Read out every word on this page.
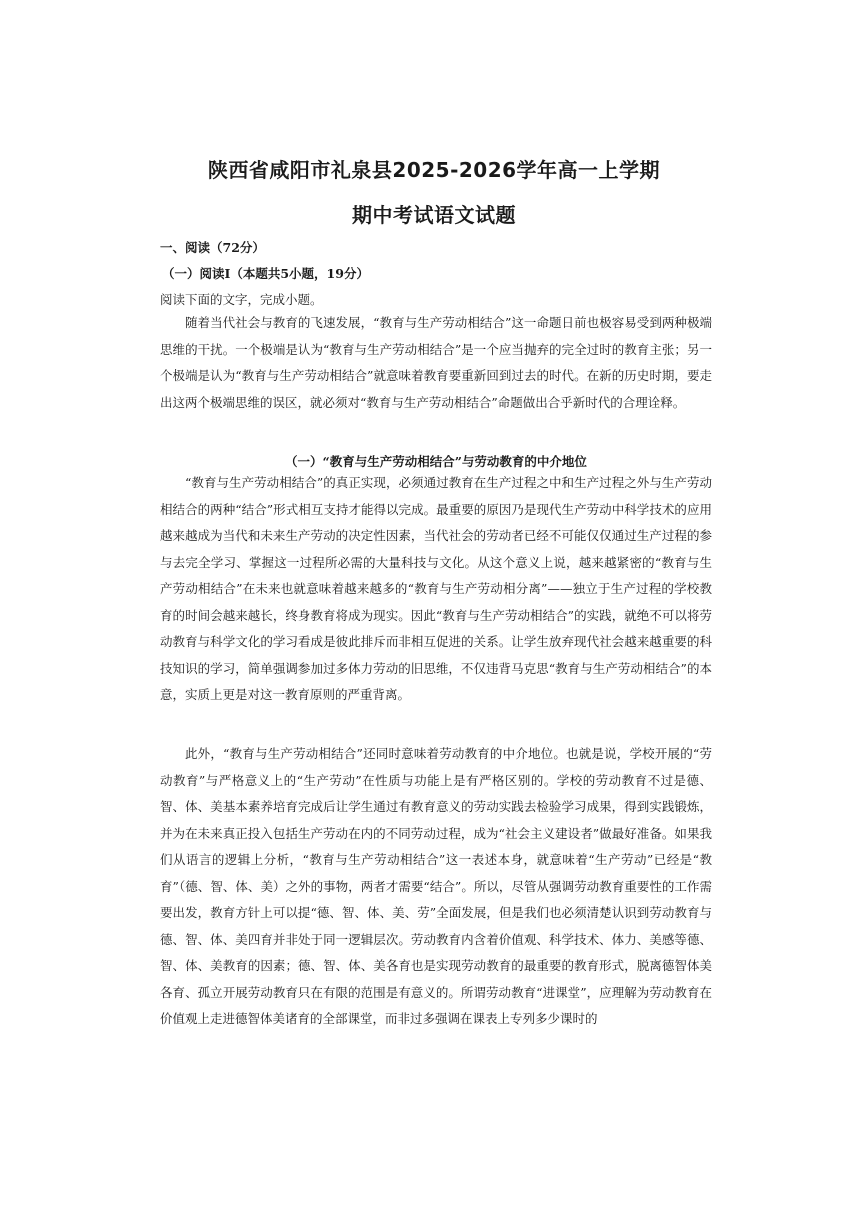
陕西省咸阳市礼泉县2025-2026学年高一上学期
期中考试语文试题
一、阅读（72分）
（一）阅读Ⅰ（本题共5小题，19分）
阅读下面的文字，完成小题。

随着当代社会与教育的飞速发展，“教育与生产劳动相结合”这一命题日前也极容易受到两种极端思维的干扰。一个极端是认为“教育与生产劳动相结合”是一个应当抛弃的完全过时的教育主张；另一个极端是认为“教育与生产劳动相结合”就意味着教育要重新回到过去的时代。在新的历史时期，要走出这两个极端思维的误区，就必须对“教育与生产劳动相结合”命题做出合乎新时代的合理诠释。

（一）“教育与生产劳动相结合”与劳动教育的中介地位

“教育与生产劳动相结合”的真正实现，必须通过教育在生产过程之中和生产过程之外与生产劳动相结合的两种“结合”形式相互支持才能得以完成。最重要的原因乃是现代生产劳动中科学技术的应用越来越成为当代和未来生产劳动的决定性因素，当代社会的劳动者已经不可能仅仅通过生产过程的参与去完全学习、掌握这一过程所必需的大量科技与文化。从这个意义上说，越来越紧密的“教育与生产劳动相结合”在未来也就意味着越来越多的“教育与生产劳动相分离”——独立于生产过程的学校教育的时间会越来越长，终身教育将成为现实。因此“教育与生产劳动相结合”的实践，就绝不可以将劳动教育与科学文化的学习看成是彼此排斥而非相互促进的关系。让学生放弃现代社会越来越重要的科技知识的学习，简单强调参加过多体力劳动的旧思维，不仅违背马克思“教育与生产劳动相结合”的本意，实质上更是对这一教育原则的严重背离。

此外，“教育与生产劳动相结合”还同时意味着劳动教育的中介地位。也就是说，学校开展的“劳动教育”与严格意义上的“生产劳动”在性质与功能上是有严格区别的。学校的劳动教育不过是德、智、体、美基本素养培育完成后让学生通过有教育意义的劳动实践去检验学习成果，得到实践锻炼，并为在未来真正投入包括生产劳动在内的不同劳动过程，成为“社会主义建设者”做最好准备。如果我们从语言的逻辑上分析，“教育与生产劳动相结合”这一表述本身，就意味着“生产劳动”已经是“教育”（德、智、体、美）之外的事物，两者才需要“结合”。所以，尽管从强调劳动教育重要性的工作需要出发，教育方针上可以提“德、智、体、美、劳”全面发展，但是我们也必须清楚认识到劳动教育与德、智、体、美四育并非处于同一逻辑层次。劳动教育内含着价值观、科学技术、体力、美感等德、智、体、美教育的因素；德、智、体、美各育也是实现劳动教育的最重要的教育形式，脱离德智体美各育、孤立开展劳动教育只在有限的范围是有意义的。所谓劳动教育“进课堂”，应理解为劳动教育在价值观上走进德智体美诸育的全部课堂，而非过多强调在课表上专列多少课时的
